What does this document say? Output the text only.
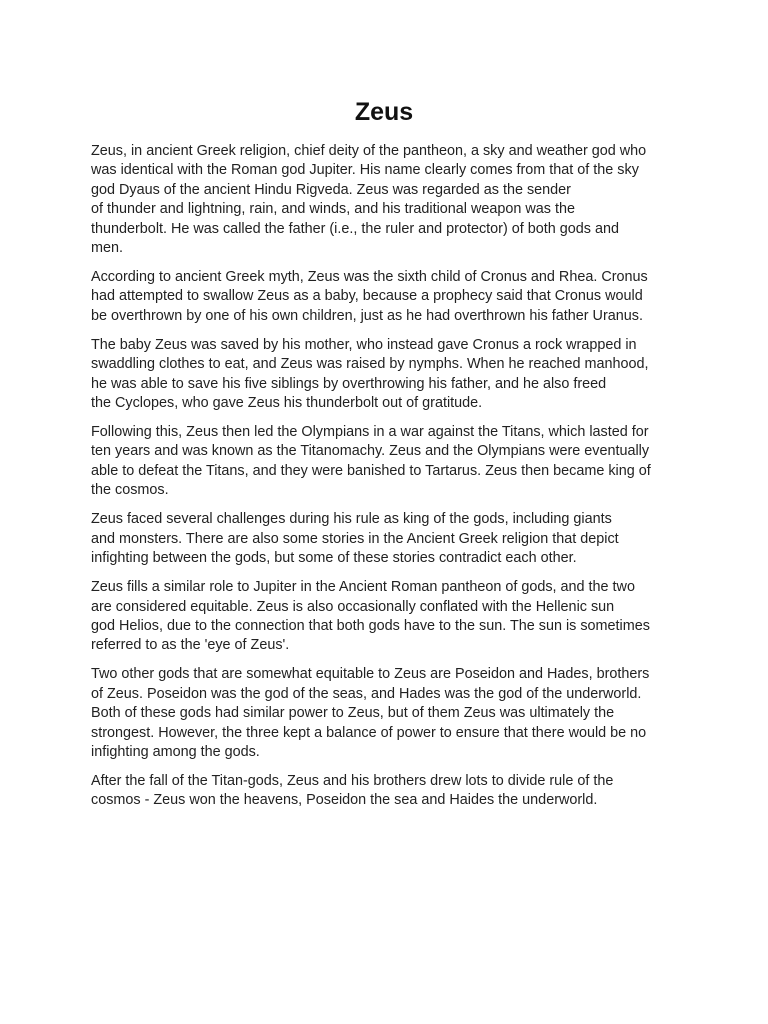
Zeus

Zeus, in ancient Greek religion, chief deity of the pantheon, a sky and weather god who
was identical with the Roman god Jupiter. His name clearly comes from that of the sky
god Dyaus of the ancient Hindu Rigveda. Zeus was regarded as the sender
of thunder and lightning, rain, and winds, and his traditional weapon was the
thunderbolt. He was called the father (i.e., the ruler and protector) of both gods and
men.

According to ancient Greek myth, Zeus was the sixth child of Cronus and Rhea. Cronus
had attempted to swallow Zeus as a baby, because a prophecy said that Cronus would
be overthrown by one of his own children, just as he had overthrown his father Uranus.

The baby Zeus was saved by his mother, who instead gave Cronus a rock wrapped in
swaddling clothes to eat, and Zeus was raised by nymphs. When he reached manhood,
he was able to save his five siblings by overthrowing his father, and he also freed
the Cyclopes, who gave Zeus his thunderbolt out of gratitude.

Following this, Zeus then led the Olympians in a war against the Titans, which lasted for
ten years and was known as the Titanomachy. Zeus and the Olympians were eventually
able to defeat the Titans, and they were banished to Tartarus. Zeus then became king of
the cosmos.

Zeus faced several challenges during his rule as king of the gods, including giants
and monsters. There are also some stories in the Ancient Greek religion that depict
infighting between the gods, but some of these stories contradict each other.

Zeus fills a similar role to Jupiter in the Ancient Roman pantheon of gods, and the two
are considered equitable. Zeus is also occasionally conflated with the Hellenic sun
god Helios, due to the connection that both gods have to the sun. The sun is sometimes
referred to as the 'eye of Zeus'.

Two other gods that are somewhat equitable to Zeus are Poseidon and Hades, brothers
of Zeus. Poseidon was the god of the seas, and Hades was the god of the underworld.
Both of these gods had similar power to Zeus, but of them Zeus was ultimately the
strongest. However, the three kept a balance of power to ensure that there would be no
infighting among the gods.

After the fall of the Titan-gods, Zeus and his brothers drew lots to divide rule of the
cosmos - Zeus won the heavens, Poseidon the sea and Haides the underworld.
